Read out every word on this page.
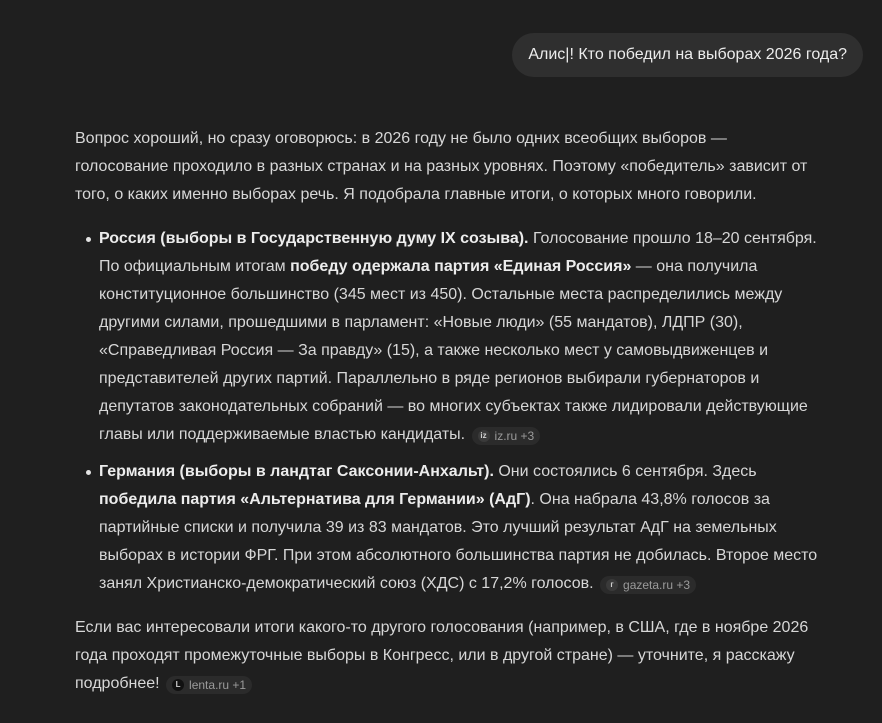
Алис|! Кто победил на выборах 2026 года?

Вопрос хороший, но сразу оговорюсь: в 2026 году не было одних всеобщих выборов — голосование проходило в разных странах и на разных уровнях. Поэтому «победитель» зависит от того, о каких именно выборах речь. Я подобрала главные итоги, о которых много говорили.

Россия (выборы в Государственную думу IX созыва). Голосование прошло 18–20 сентября. По официальным итогам победу одержала партия «Единая Россия» — она получила конституционное большинство (345 мест из 450). Остальные места распределились между другими силами, прошедшими в парламент: «Новые люди» (55 мандатов), ЛДПР (30), «Справедливая Россия — За правду» (15), а также несколько мест у самовыдвиженцев и представителей других партий. Параллельно в ряде регионов выбирали губернаторов и депутатов законодательных собраний — во многих субъектах также лидировали действующие главы или поддерживаемые властью кандидаты.	iz iz.ru +3
Германия (выборы в ландтаг Саксонии-Анхальт). Они состоялись 6 сентября. Здесь победила партия «Альтернатива для Германии» (АдГ). Она набрала 43,8% голосов за партийные списки и получила 39 из 83 мандатов. Это лучший результат АдГ на земельных выборах в истории ФРГ. При этом абсолютного большинства партия не добилась. Второе место занял Христианско-демократический союз (ХДС) с 17,2% голосов.	г gazeta.ru +3

Если вас интересовали итоги какого-то другого голосования (например, в США, где в ноябре 2026 года проходят промежуточные выборы в Конгресс, или в другой стране) — уточните, я расскажу подробнее!	L lenta.ru +1
